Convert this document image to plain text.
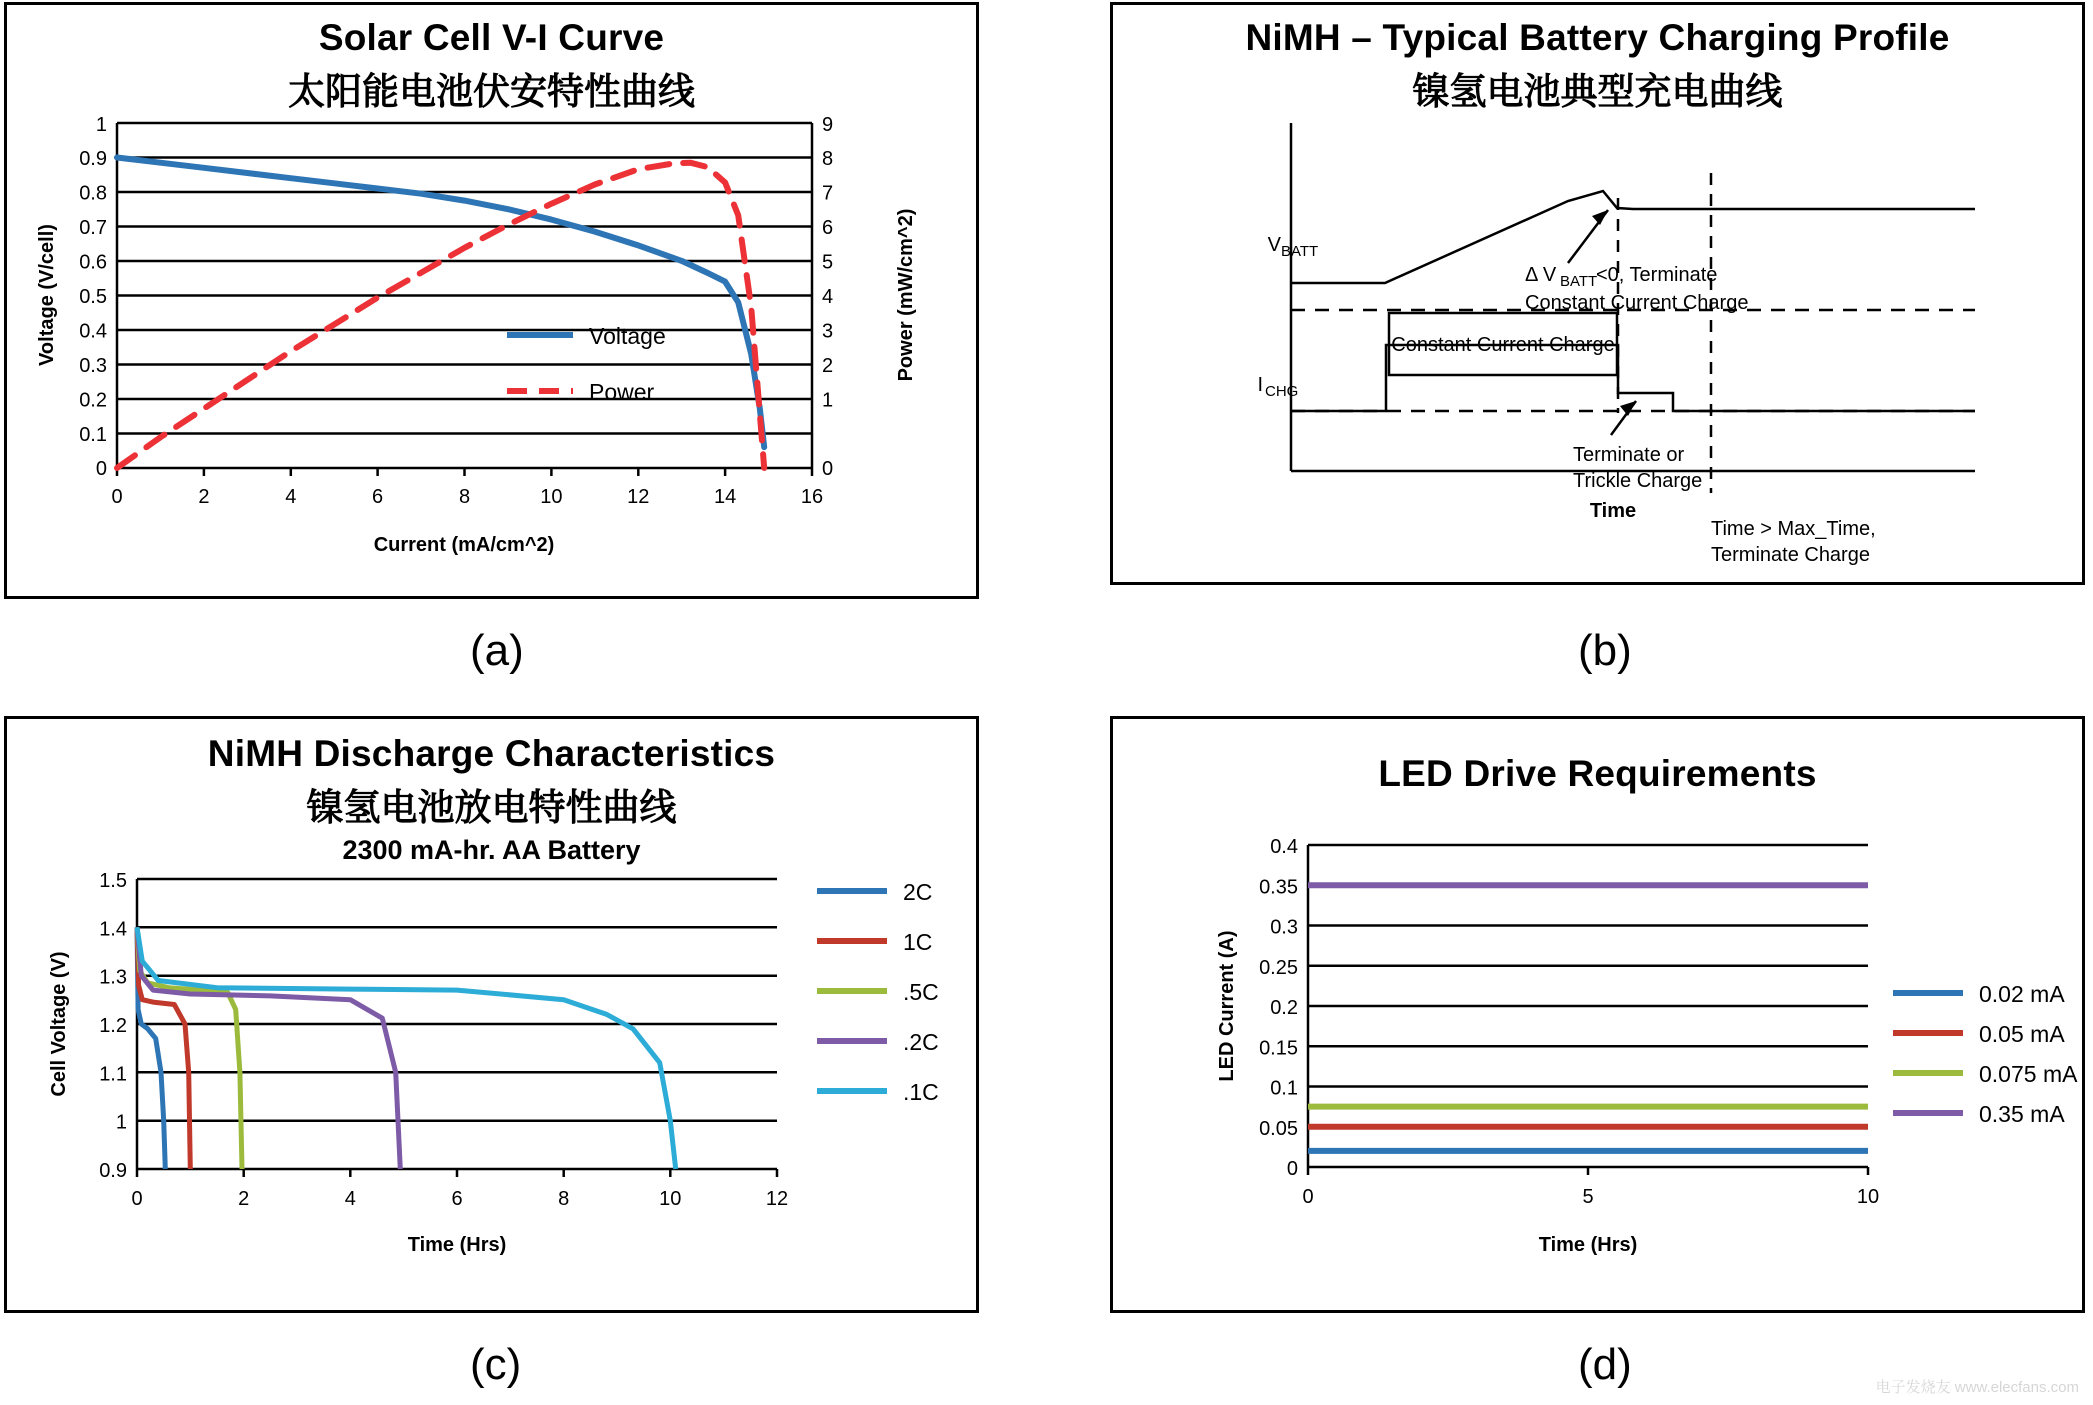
Solar Cell V-I Curve
太阳能电池伏安特性曲线
1
0.9
0.8
0.7
0.6
0.5
0.4
0.3
0.2
0.1
0
9
8
7
6
5
4
3
2
1
0
0	2	4	6	8	10	12	14	16
Current (mA/cm^2)
Voltage (V/cell)	Power (mW/cm^2)
Voltage
Power
(a)
NiMH – Typical Battery Charging Profile
镍氢电池典型充电曲线
Constant Current Charge
Δ V BATT
<0, Terminate
Constant Current Charge
Terminate or
Trickle Charge
V BATT
I CHG
Time
Time > Max_Time,
Terminate Charge
(b)
NiMH Discharge Characteristics
镍氢电池放电特性曲线
2300 mA-hr. AA Battery
1.5
1.4
1.3
1.2
1.1
1
0.9
0	2	4	6	8	10	12
Time (Hrs)
Cell Voltage (V)
2C
1C
.5C
.2C
.1C
(c)
LED Drive Requirements
0.4
0.35
0.3
0.25
0.2
0.15
0.1
0.05
0
0	5	10
Time (Hrs)
LED Current (A)	0.02 mA
0.05 mA
0.075 mA
0.35 mA
(d)	电子发烧友 www.elecfans.com
